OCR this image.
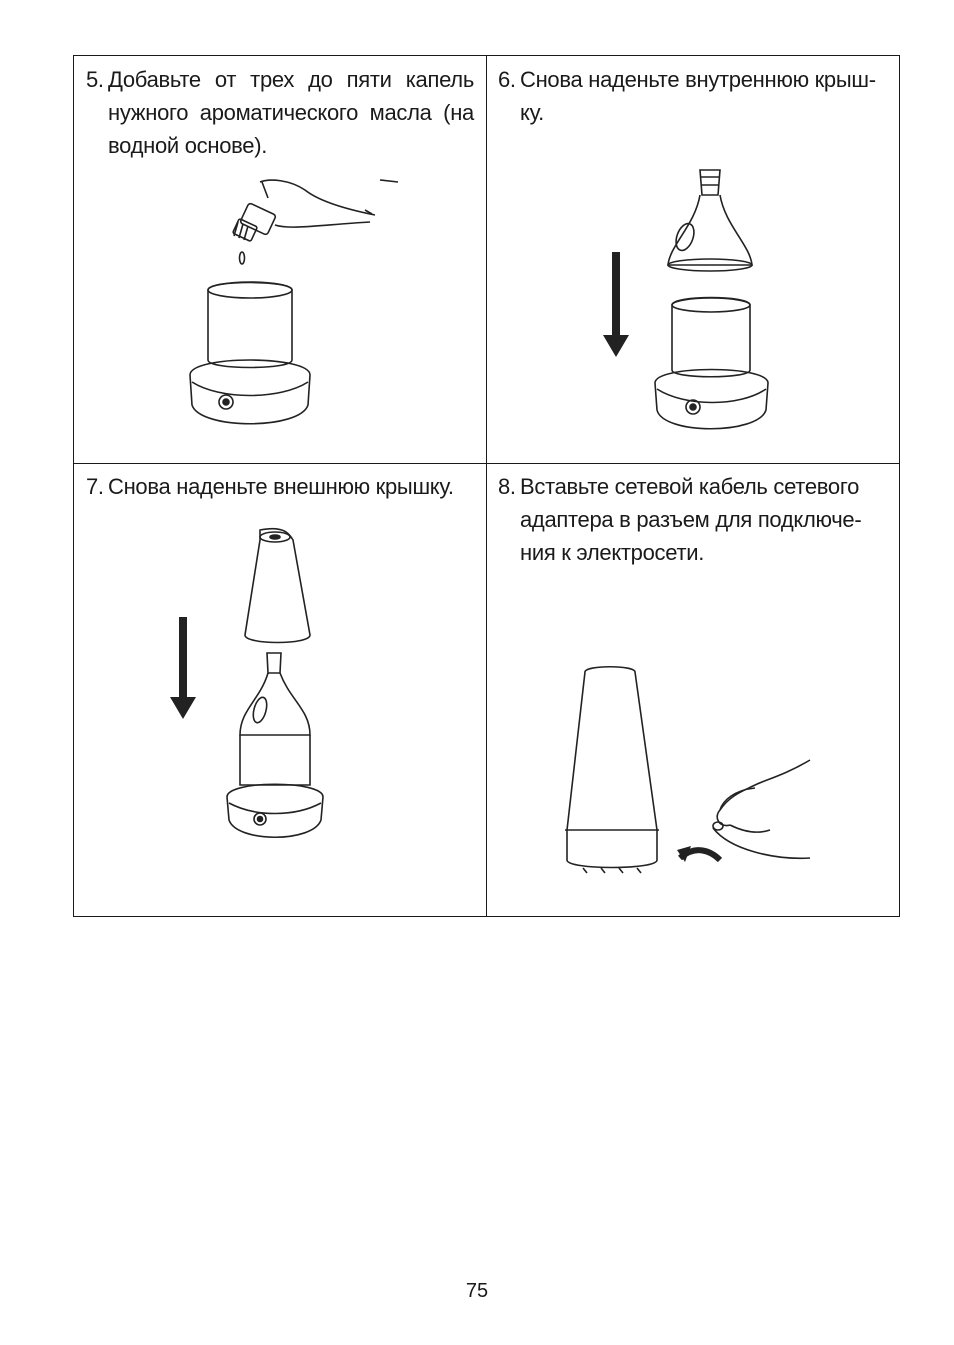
5. Добавьте от трех до пяти капель нужного ароматического масла (на водной основе).
6. Снова наденьте внутреннюю крыш-ку.
7. Снова наденьте внешнюю крышку.	8. Вставьте сетевой кабель сетевого адаптера в разъем для подключе-ния к электросети.
75
